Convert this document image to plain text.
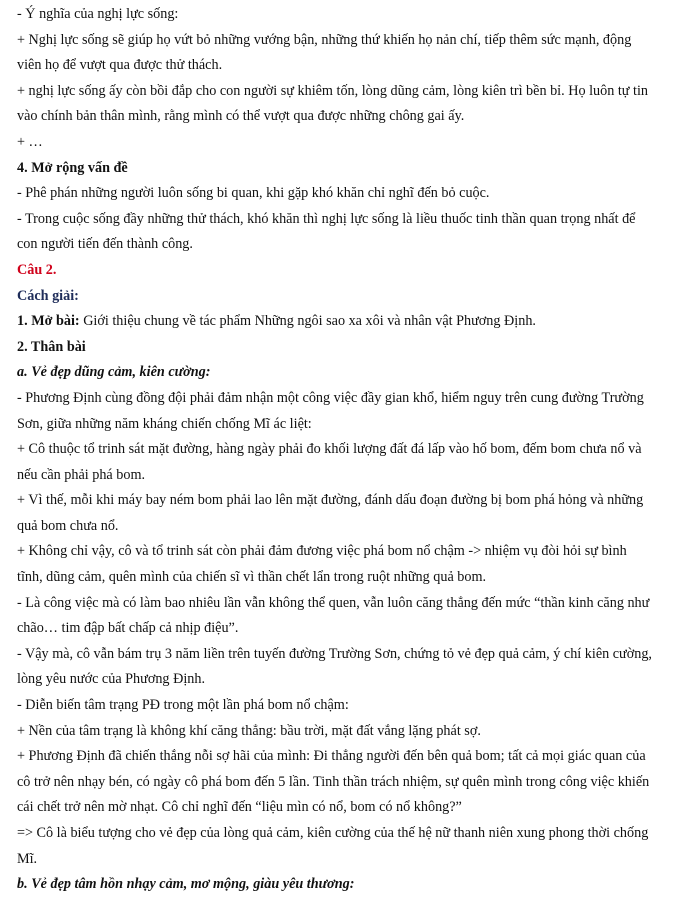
- Ý nghĩa của nghị lực sống:

+ Nghị lực sống sẽ giúp họ vứt bỏ những vướng bận, những thứ khiến họ nản chí, tiếp thêm sức mạnh, động

viên họ để vượt qua được thử thách.

+ nghị lực sống ấy còn bồi đắp cho con người sự khiêm tốn, lòng dũng cảm, lòng kiên trì bền bỉ. Họ luôn tự tin

vào chính bản thân mình, rằng mình có thể vượt qua được những chông gai ấy.

+ …

4. Mở rộng vấn đề

- Phê phán những người luôn sống bi quan, khi gặp khó khăn chỉ nghĩ đến bỏ cuộc.

- Trong cuộc sống đầy những thử thách, khó khăn thì nghị lực sống là liều thuốc tinh thần quan trọng nhất để

con người tiến đến thành công.

Câu 2.

Cách giải:

1. Mở bài: Giới thiệu chung về tác phẩm Những ngôi sao xa xôi và nhân vật Phương Định.

2. Thân bài

a. Vẻ đẹp dũng cảm, kiên cường:

- Phương Định cùng đồng đội phải đảm nhận một công việc đầy gian khổ, hiểm nguy trên cung đường Trường

Sơn, giữa những năm kháng chiến chống Mĩ ác liệt:

+ Cô thuộc tổ trinh sát mặt đường, hàng ngày phải đo khối lượng đất đá lấp vào hố bom, đếm bom chưa nổ và

nếu cần phải phá bom.

+ Vì thế, mỗi khi máy bay ném bom phải lao lên mặt đường, đánh dấu đoạn đường bị bom phá hỏng và những

quả bom chưa nổ.

+ Không chỉ vậy, cô và tổ trinh sát còn phải đảm đương việc phá bom nổ chậm -> nhiệm vụ đòi hỏi sự bình

tĩnh, dũng cảm, quên mình của chiến sĩ vì thần chết lẩn trong ruột những quả bom.

- Là công việc mà có làm bao nhiêu lần vẫn không thể quen, vẫn luôn căng thẳng đến mức “thần kinh căng như

chão… tim đập bất chấp cả nhịp điệu”.

- Vậy mà, cô vẫn bám trụ 3 năm liền trên tuyến đường Trường Sơn, chứng tỏ vẻ đẹp quả cảm, ý chí kiên cường,

lòng yêu nước của Phương Định.

- Diễn biến tâm trạng PĐ trong một lần phá bom nổ chậm:

+ Nền của tâm trạng là không khí căng thẳng: bầu trời, mặt đất vắng lặng phát sợ.

+ Phương Định đã chiến thắng nỗi sợ hãi của mình: Đi thẳng người đến bên quả bom; tất cả mọi giác quan của

cô trở nên nhạy bén, có ngày cô phá bom đến 5 lần. Tinh thần trách nhiệm, sự quên mình trong công việc khiến

cái chết trở nên mờ nhạt. Cô chỉ nghĩ đến “liệu mìn có nổ, bom có nổ không?”

=> Cô là biểu tượng cho vẻ đẹp của lòng quả cảm, kiên cường của thế hệ nữ thanh niên xung phong thời chống

Mĩ.

b. Vẻ đẹp tâm hồn nhạy cảm, mơ mộng, giàu yêu thương:
